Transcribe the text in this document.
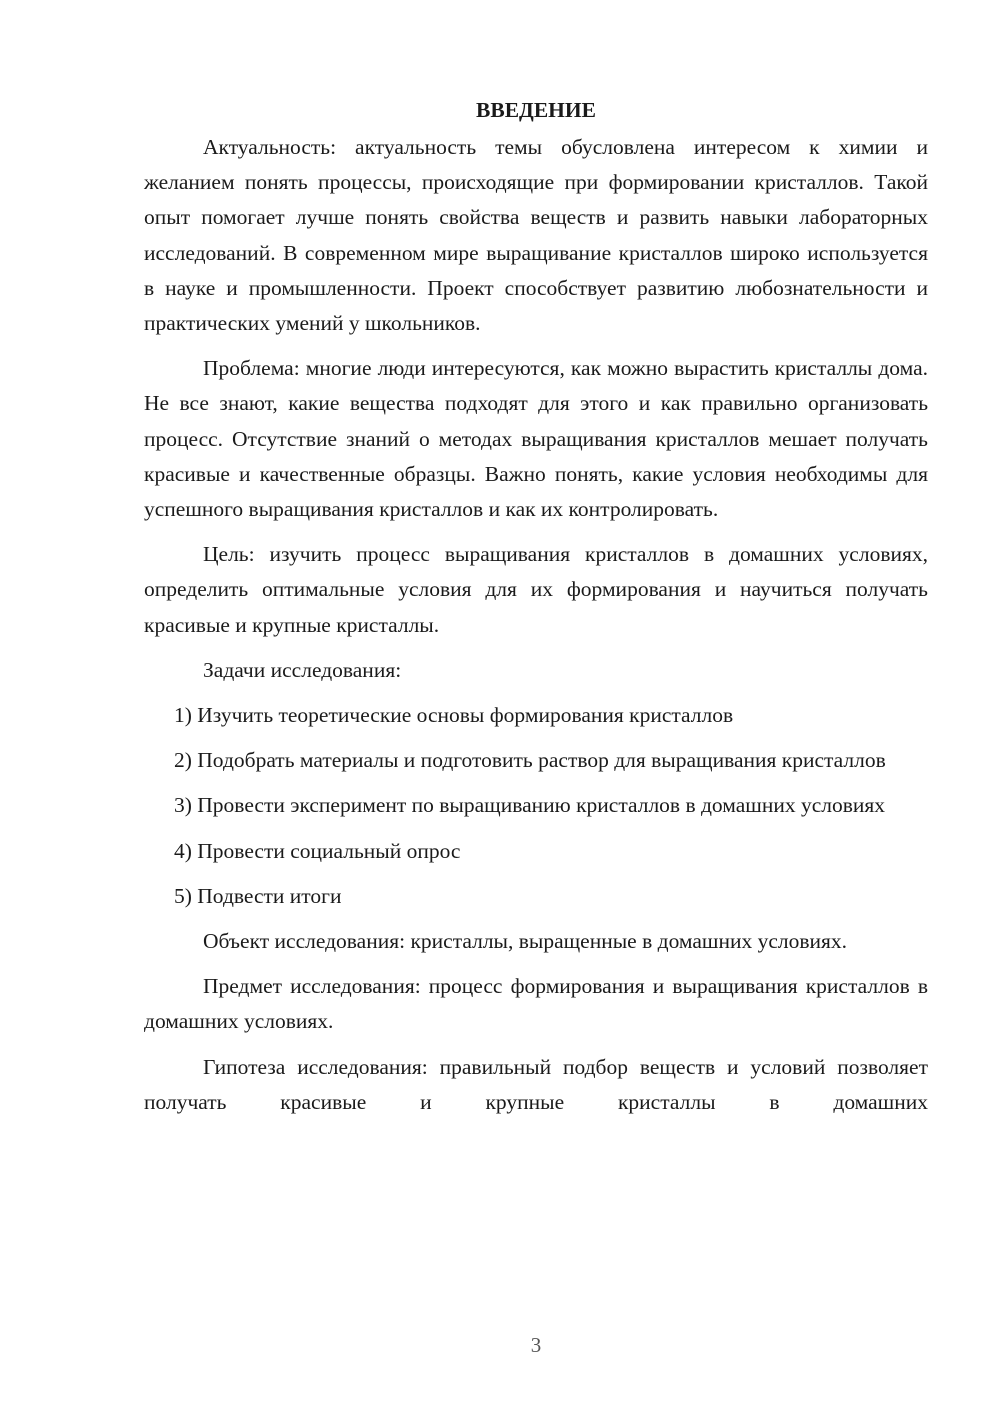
ВВЕДЕНИЕ

Актуальность: актуальность темы обусловлена интересом к химии и желанием понять процессы, происходящие при формировании кристаллов. Такой опыт помогает лучше понять свойства веществ и развить навыки лабораторных исследований. В современном мире выращивание кристаллов широко используется в науке и промышленности. Проект способствует развитию любознательности и практических умений у школьников.

Проблема: многие люди интересуются, как можно вырастить кристаллы дома. Не все знают, какие вещества подходят для этого и как правильно организовать процесс. Отсутствие знаний о методах выращивания кристаллов мешает получать красивые и качественные образцы. Важно понять, какие условия необходимы для успешного выращивания кристаллов и как их контролировать.

Цель: изучить процесс выращивания кристаллов в домашних условиях, определить оптимальные условия для их формирования и научиться получать красивые и крупные кристаллы.

Задачи исследования:

1) Изучить теоретические основы формирования кристаллов

2) Подобрать материалы и подготовить раствор для выращивания кристаллов

3) Провести эксперимент по выращиванию кристаллов в домашних условиях

4) Провести социальный опрос

5) Подвести итоги

Объект исследования: кристаллы, выращенные в домашних условиях.

Предмет исследования: процесс формирования и выращивания кристаллов в домашних условиях.

Гипотеза исследования: правильный подбор веществ и условий позволяет получать красивые и крупные кристаллы в домашних

3
